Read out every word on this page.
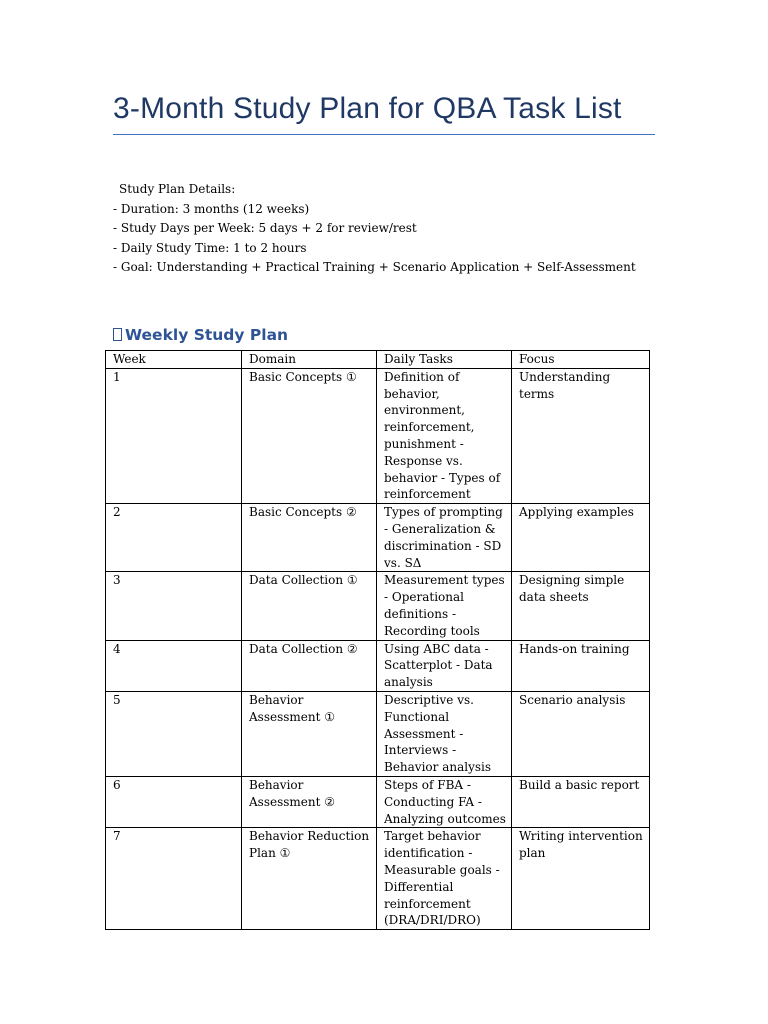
3-Month Study Plan for QBA Task List
Study Plan Details:
- Duration: 3 months (12 weeks)
- Study Days per Week: 5 days + 2 for review/rest
- Daily Study Time: 1 to 2 hours
- Goal: Understanding + Practical Training + Scenario Application + Self-Assessment
Weekly Study Plan
Week	Domain	Daily Tasks	Focus
1	Basic Concepts ①	Definition of behavior, environment, reinforcement, punishment - Response vs. behavior - Types of reinforcement	Understanding terms
2	Basic Concepts ②	Types of prompting - Generalization & discrimination - SD vs. SΔ	Applying examples
3	Data Collection ①	Measurement types - Operational definitions - Recording tools	Designing simple data sheets
4	Data Collection ②	Using ABC data - Scatterplot - Data analysis	Hands-on training
5	Behavior Assessment ①	Descriptive vs. Functional Assessment - Interviews - Behavior analysis	Scenario analysis
6	Behavior Assessment ②	Steps of FBA - Conducting FA - Analyzing outcomes	Build a basic report
7	Behavior Reduction Plan ①	Target behavior identification - Measurable goals - Differential reinforcement (DRA/DRI/DRO)	Writing intervention plan
